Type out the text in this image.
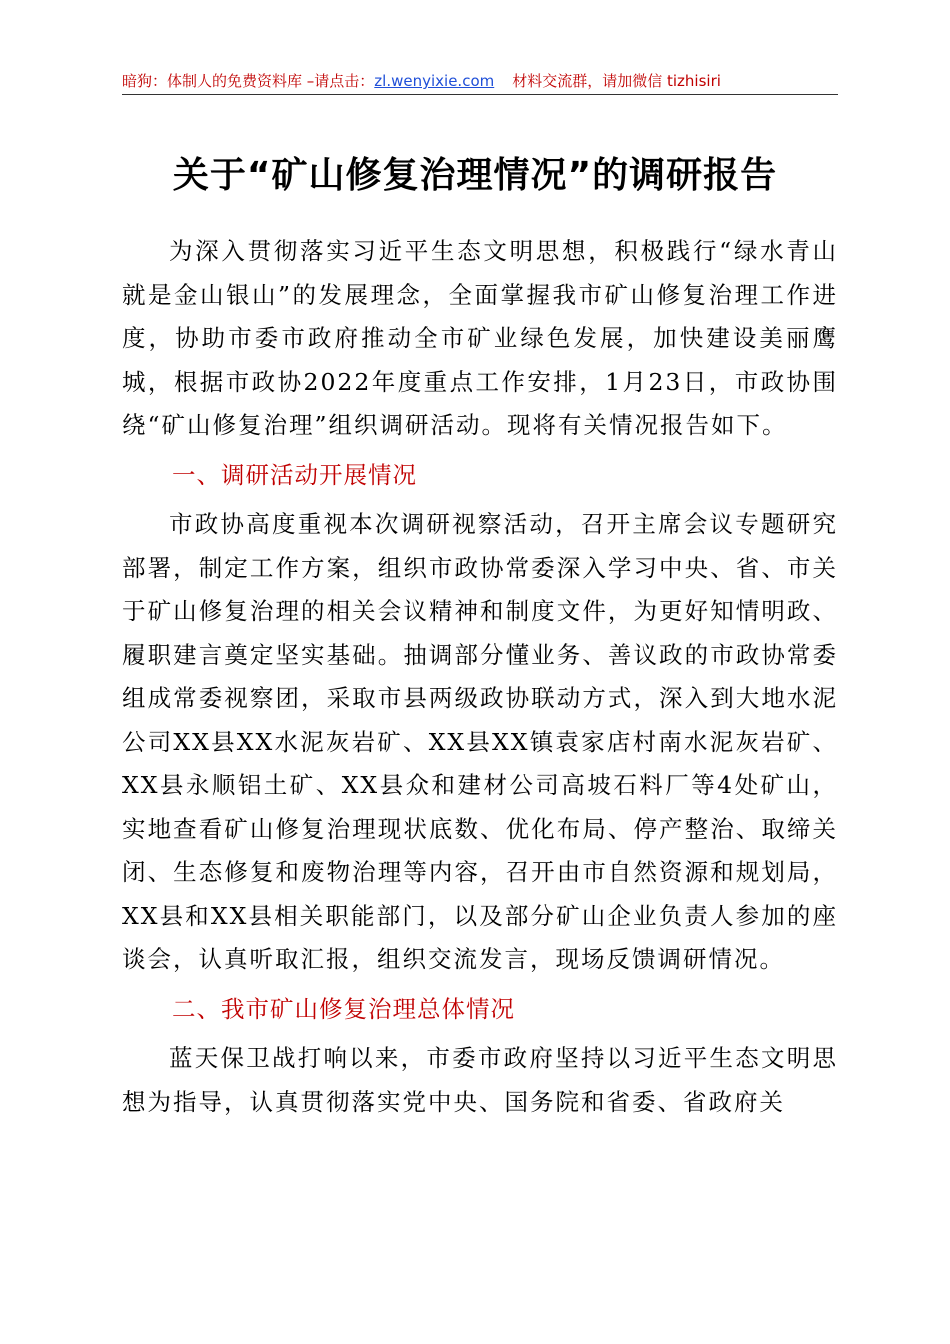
暗狗：体制人的免费资料库 –请点击：zl.wenyixie.com 材料交流群，请加微信 tizhisiri
关于“矿山修复治理情况”的调研报告

为深入贯彻落实习近平生态文明思想，积极践行“绿水青山就是金山银山”的发展理念，全面掌握我市矿山修复治理工作进度，协助市委市政府推动全市矿业绿色发展，加快建设美丽鹰城，根据市政协2022年度重点工作安排，1月23日，市政协围绕“矿山修复治理”组织调研活动。现将有关情况报告如下。

一、调研活动开展情况

市政协高度重视本次调研视察活动，召开主席会议专题研究部署，制定工作方案，组织市政协常委深入学习中央、省、市关于矿山修复治理的相关会议精神和制度文件，为更好知情明政、履职建言奠定坚实基础。抽调部分懂业务、善议政的市政协常委组成常委视察团，采取市县两级政协联动方式，深入到大地水泥公司XX县XX水泥灰岩矿、XX县XX镇袁家店村南水泥灰岩矿、XX县永顺铝土矿、XX县众和建材公司高坡石料厂等4处矿山，实地查看矿山修复治理现状底数、优化布局、停产整治、取缔关闭、生态修复和废物治理等内容，召开由市自然资源和规划局，XX县和XX县相关职能部门，以及部分矿山企业负责人参加的座谈会，认真听取汇报，组织交流发言，现场反馈调研情况。

二、我市矿山修复治理总体情况

蓝天保卫战打响以来，市委市政府坚持以习近平生态文明思想为指导，认真贯彻落实党中央、国务院和省委、省政府关
